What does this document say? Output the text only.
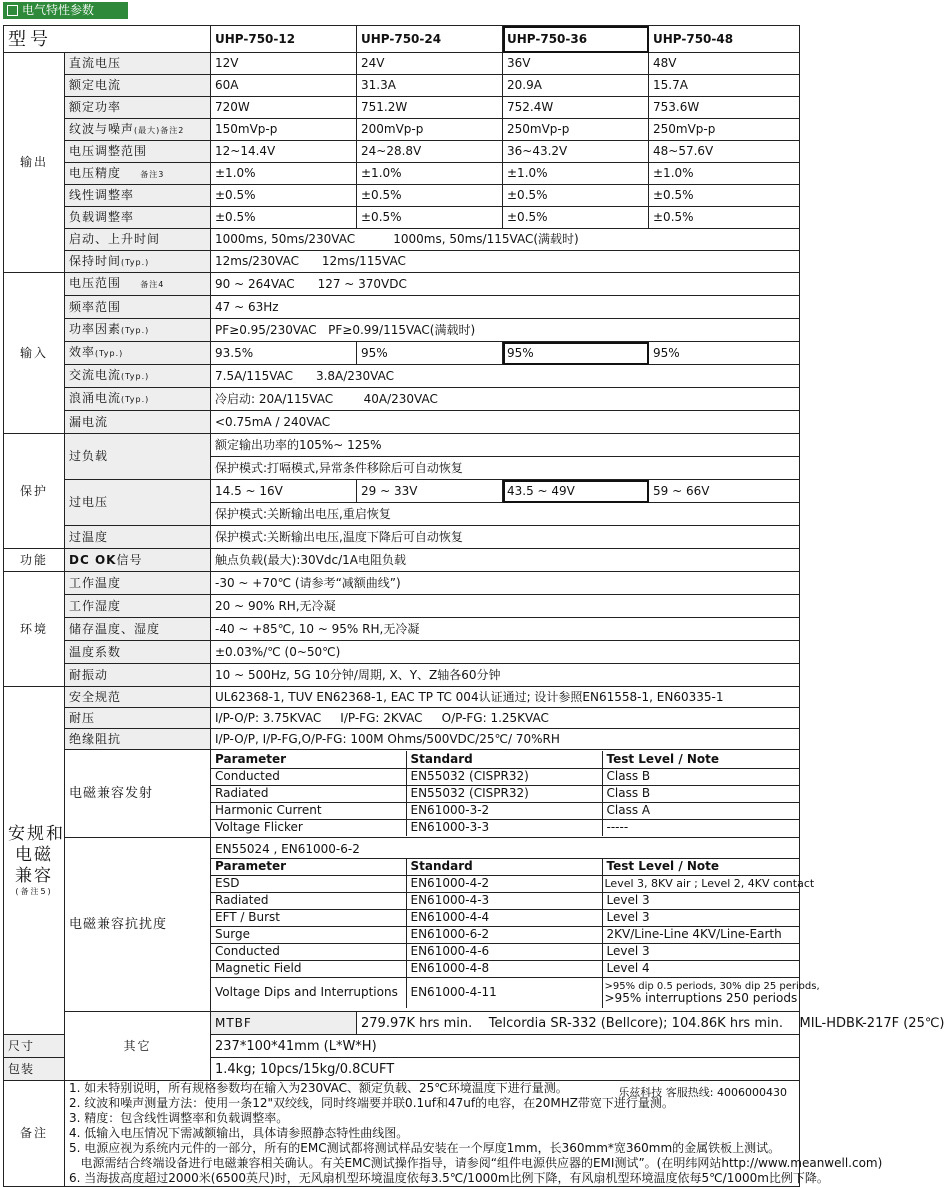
电气特性参数
型号	UHP-750-12	UHP-750-24	UHP-750-36	UHP-750-48
输出	直流电压	12V	24V	36V	48V
额定电流	60A	31.3A	20.9A	15.7A
额定功率	720W	751.2W	752.4W	753.6W
纹波与噪声(最大)备注2	150mVp-p	200mVp-p	250mVp-p	250mVp-p
电压调整范围	12~14.4V	24~28.8V	36~43.2V	48~57.6V
电压精度 备注3	±1.0%	±1.0%	±1.0%	±1.0%
线性调整率	±0.5%	±0.5%	±0.5%	±0.5%
负载调整率	±0.5%	±0.5%	±0.5%	±0.5%
启动、上升时间	1000ms, 50ms/230VAC          1000ms, 50ms/115VAC(满载时)
保持时间(Typ.)	12ms/230VAC      12ms/115VAC
输入	电压范围 备注4	90 ~ 264VAC      127 ~ 370VDC
频率范围	47 ~ 63Hz
功率因素(Typ.)	PF≥0.95/230VAC   PF≥0.99/115VAC(满载时)
效率(Typ.)	93.5%	95%	95%	95%
交流电流(Typ.)	7.5A/115VAC      3.8A/230VAC
浪涌电流(Typ.)	冷启动: 20A/115VAC        40A/230VAC
漏电流	<0.75mA / 240VAC
保护	过负载	额定输出功率的105%~ 125%
保护模式:打嗝模式,异常条件移除后可自动恢复
过电压	14.5 ~ 16V	29 ~ 33V	43.5 ~ 49V	59 ~ 66V
保护模式:关断输出电压,重启恢复
过温度	保护模式:关断输出电压,温度下降后可自动恢复
功能	DC OK信号	触点负载(最大):30Vdc/1A电阻负载
环境	工作温度	-30 ~ +70℃ (请参考“减额曲线”)
工作湿度	20 ~ 90% RH,无冷凝
储存温度、湿度	-40 ~ +85℃, 10 ~ 95% RH,无冷凝
温度系数	±0.03%/℃ (0~50℃)
耐振动	10 ~ 500Hz, 5G 10分钟/周期, X、Y、Z轴各60分钟

安规和
电磁
兼容
(备注5)
	安全规范	UL62368-1, TUV EN62368-1, EAC TP TC 004认证通过; 设计参照EN61558-1, EN60335-1
耐压	I/P-O/P: 3.75KVAC     I/P-FG: 2KVAC     O/P-FG: 1.25KVAC
绝缘阻抗	I/P-O/P, I/P-FG,O/P-FG: 100M Ohms/500VDC/25℃/ 70%RH
电磁兼容发射	
Parameter	Standard	Test Level / Note
Conducted	EN55032 (CISPR32)	Class B
Radiated	EN55032 (CISPR32)	Class B
Harmonic Current	EN61000-3-2	Class A
Voltage Flicker	EN61000-3-3	-----

电磁兼容抗扰度	
EN55024 , EN61000-6-2
Parameter	Standard	Test Level / Note
ESD	EN61000-4-2	Level 3, 8KV air ; Level 2, 4KV contact
Radiated	EN61000-4-3	Level 3
EFT / Burst	EN61000-4-4	Level 3
Surge	EN61000-6-2	2KV/Line-Line 4KV/Line-Earth
Conducted	EN61000-4-6	Level 3
Magnetic Field	EN61000-4-8	Level 4
Voltage Dips and Interruptions	EN61000-4-11	>95% dip 0.5 periods, 30% dip 25 periods,
>95% interruptions 250 periods

其它	MTBF	279.97K hrs min.    Telcordia SR-332 (Bellcore); 104.86K hrs min.    MIL-HDBK-217F (25℃)
尺寸	237*100*41mm (L*W*H)
包装	1.4kg; 10pcs/15kg/0.8CUFT
备注	
乐兹科技 客服热线: 4006000430
1. 如未特别说明，所有规格参数均在输入为230VAC、额定负载、25℃环境温度下进行量测。
2. 纹波和噪声测量方法：使用一条12"双绞线，同时终端要并联0.1uf和47uf的电容，在20MHZ带宽下进行量测。
3. 精度：包含线性调整率和负载调整率。
4. 低输入电压情况下需减额输出，具体请参照静态特性曲线图。
5. 电源应视为系统内元件的一部分，所有的EMC测试都将测试样品安装在一个厚度1mm，长360mm*宽360mm的金属铁板上测试。
电源需结合终端设备进行电磁兼容相关确认。有关EMC测试操作指导，请参阅“组件电源供应器的EMI测试”。(在明纬网站http://www.meanwell.com)
6. 当海拔高度超过2000米(6500英尺)时，无风扇机型环境温度依每3.5℃/1000m比例下降，有风扇机型环境温度依每5℃/1000m比例下降。
